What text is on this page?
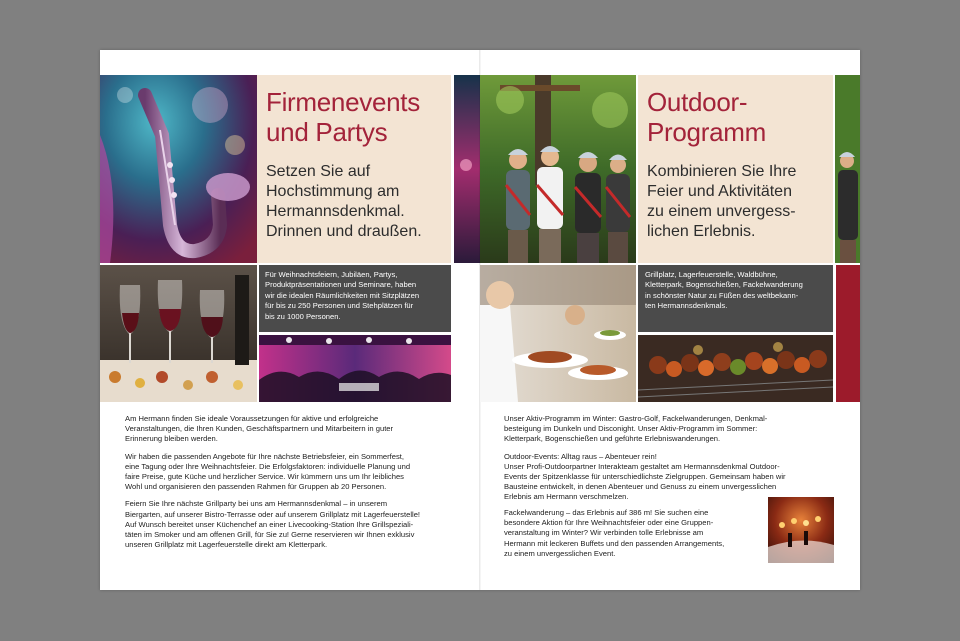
Firmenevents
und Partys
Setzen Sie auf
Hochstimmung am
Hermannsdenkmal.
Drinnen und draußen.
Für Weihnachtsfeiern, Jubiläen, Partys,
Produktpräsentationen und Seminare, haben
wir die idealen Räumlichkeiten mit Sitzplätzen
für bis zu 250 Personen und Stehplätzen für
bis zu 1000 Personen.

Am Hermann finden Sie ideale Voraussetzungen für aktive und erfolgreiche
Veranstaltungen, die Ihren Kunden, Geschäftspartnern und Mitarbeitern in guter
Erinnerung bleiben werden.

Wir haben die passenden Angebote für Ihre nächste Betriebsfeier, ein Sommerfest,
eine Tagung oder Ihre Weihnachtsfeier. Die Erfolgsfaktoren: individuelle Planung und
faire Preise, gute Küche und herzlicher Service. Wir kümmern uns um Ihr leibliches
Wohl und organisieren den passenden Rahmen für Gruppen ab 20 Personen.

Feiern Sie Ihre nächste Grillparty bei uns am Hermannsdenkmal – in unserem
Biergarten, auf unserer Bistro-Terrasse oder auf unserem Grillplatz mit Lagerfeuerstelle!
Auf Wunsch bereitet unser Küchenchef an einer Livecooking-Station Ihre Grillspeziali-
täten im Smoker und am offenen Grill, für Sie zu! Gerne reservieren wir Ihnen exklusiv
unseren Grillplatz mit Lagerfeuerstelle direkt am Kletterpark.

Outdoor-
Programm
Kombinieren Sie Ihre
Feier und Aktivitäten
zu einem unvergess-
lichen Erlebnis.
Grillplatz, Lagerfeuerstelle, Waldbühne,
Kletterpark, Bogenschießen, Fackelwanderung
in schönster Natur zu Füßen des weltbekann-
ten Hermannsdenkmals.

Unser Aktiv-Programm im Winter: Gastro-Golf, Fackelwanderungen, Denkmal-
besteigung im Dunkeln und Disconight. Unser Aktiv-Programm im Sommer:
Kletterpark, Bogenschießen und geführte Erlebniswanderungen.

Outdoor-Events: Alltag raus – Abenteuer rein!
Unser Profi-Outdoorpartner Interakteam gestaltet am Hermannsdenkmal Outdoor-
Events der Spitzenklasse für unterschiedlichste Zielgruppen. Gemeinsam haben wir
Bausteine entwickelt, in denen Abenteuer und Genuss zu einem unvergesslichen
Erlebnis am Hermann verschmelzen.

Fackelwanderung – das Erlebnis auf 386 m! Sie suchen eine
besondere Aktion für Ihre Weihnachtsfeier oder eine Gruppen-
veranstaltung im Winter? Wir verbinden tolle Erlebnisse am
Hermann mit leckeren Buffets und den passenden Arrangements,
zu einem unvergesslichen Event.
